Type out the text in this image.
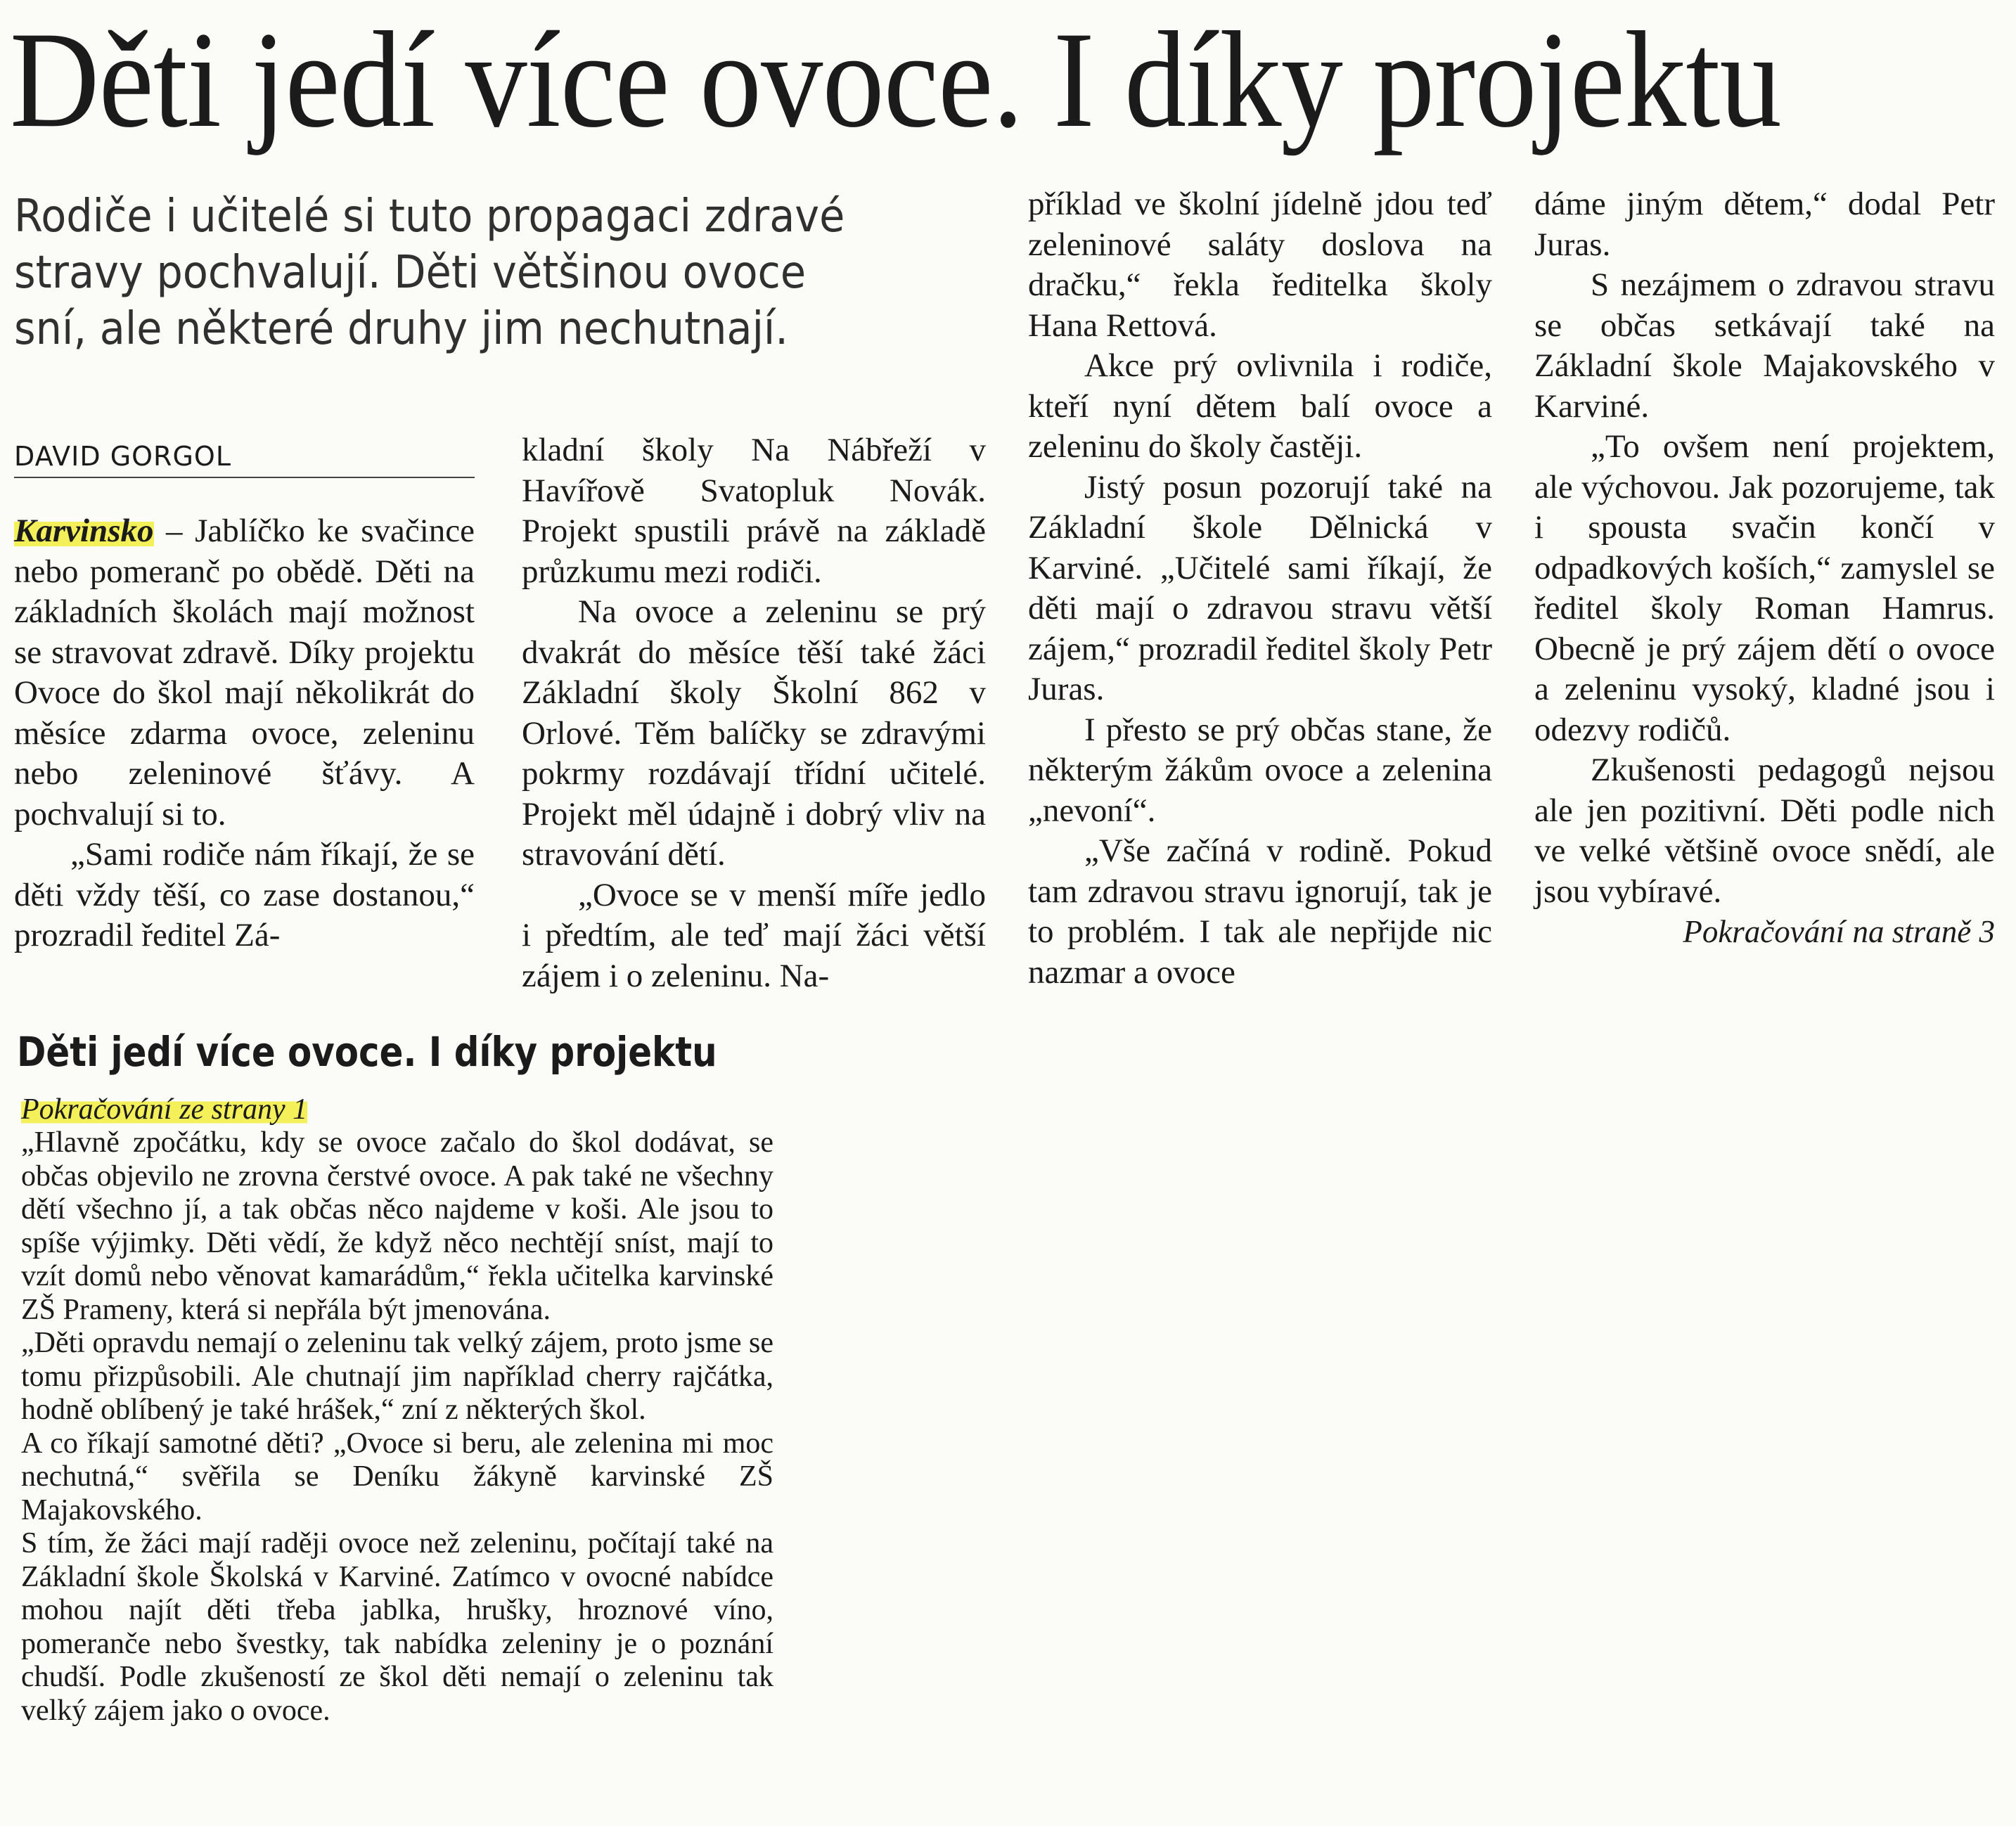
Děti jedí více ovoce. I díky projektu
Rodiče i učitelé si tuto propagaci zdravé stravy pochvalují. Děti většinou ovoce sní, ale některé druhy jim nechutnají.
DAVID GORGOL

Karvinsko – Jablíčko ke svačince nebo pomeranč po obědě. Děti na základních školách mají možnost se stravovat zdravě. Díky projektu Ovoce do škol mají několikrát do měsíce zdarma ovoce, zeleninu nebo zeleninové šťávy. A pochvalují si to.

„Sami rodiče nám říkají, že se děti vždy těší, co zase dostanou,“ prozradil ředitel Zá-

kladní školy Na Nábřeží v Havířově Svatopluk Novák. Projekt spustili právě na základě průzkumu mezi rodiči.

Na ovoce a zeleninu se prý dvakrát do měsíce těší také žáci Základní školy Školní 862 v Orlové. Těm balíčky se zdravými pokrmy rozdávají třídní učitelé. Projekt měl údajně i dobrý vliv na stravování dětí.

„Ovoce se v menší míře jedlo i předtím, ale teď mají žáci větší zájem i o zeleninu. Na-

příklad ve školní jídelně jdou teď zeleninové saláty doslova na dračku,“ řekla ředitelka školy Hana Rettová.

Akce prý ovlivnila i rodiče, kteří nyní dětem balí ovoce a zeleninu do školy častěji.

Jistý posun pozorují také na Základní škole Dělnická v Karviné. „Učitelé sami říkají, že děti mají o zdravou stravu větší zájem,“ prozradil ředitel školy Petr Juras.

I přesto se prý občas stane, že některým žákům ovoce a zelenina „nevoní“.

„Vše začíná v rodině. Pokud tam zdravou stravu ignorují, tak je to problém. I tak ale nepřijde nic nazmar a ovoce

dáme jiným dětem,“ dodal Petr Juras.

S nezájmem o zdravou stravu se občas setkávají také na Základní škole Majakovského v Karviné.

„To ovšem není projektem, ale výchovou. Jak pozorujeme, tak i spousta svačin končí v odpadkových koších,“ zamyslel se ředitel školy Roman Hamrus. Obecně je prý zájem dětí o ovoce a zeleninu vysoký, kladné jsou i odezvy rodičů.

Zkušenosti pedagogů nejsou ale jen pozitivní. Děti podle nich ve velké většině ovoce snědí, ale jsou vybíravé.

Pokračování na straně 3

Děti jedí více ovoce. I díky projektu
Pokračování ze strany 1

„Hlavně zpočátku, kdy se ovoce začalo do škol dodávat, se občas objevilo ne zrovna čerstvé ovoce. A pak také ne všechny dětí všechno jí, a tak občas něco najdeme v koši. Ale jsou to spíše výjimky. Děti vědí, že když něco nechtějí sníst, mají to vzít domů nebo věnovat kamarádům,“ řekla učitelka karvinské ZŠ Prameny, která si nepřála být jmenována.

„Děti opravdu nemají o zeleninu tak velký zájem, proto jsme se tomu přizpůsobili. Ale chutnají jim například cherry rajčátka, hodně oblíbený je také hrášek,“ zní z některých škol.

A co říkají samotné děti? „Ovoce si beru, ale zelenina mi moc nechutná,“ svěřila se Deníku žákyně karvinské ZŠ Majakovského.

S tím, že žáci mají raději ovoce než zeleninu, počítají také na Základní škole Školská v Karviné. Zatímco v ovocné nabídce mohou najít děti třeba jablka, hrušky, hroznové víno, pomeranče nebo švestky, tak nabídka zeleniny je o poznání chudší. Podle zkušeností ze škol děti nemají o zeleninu tak velký zájem jako o ovoce.
